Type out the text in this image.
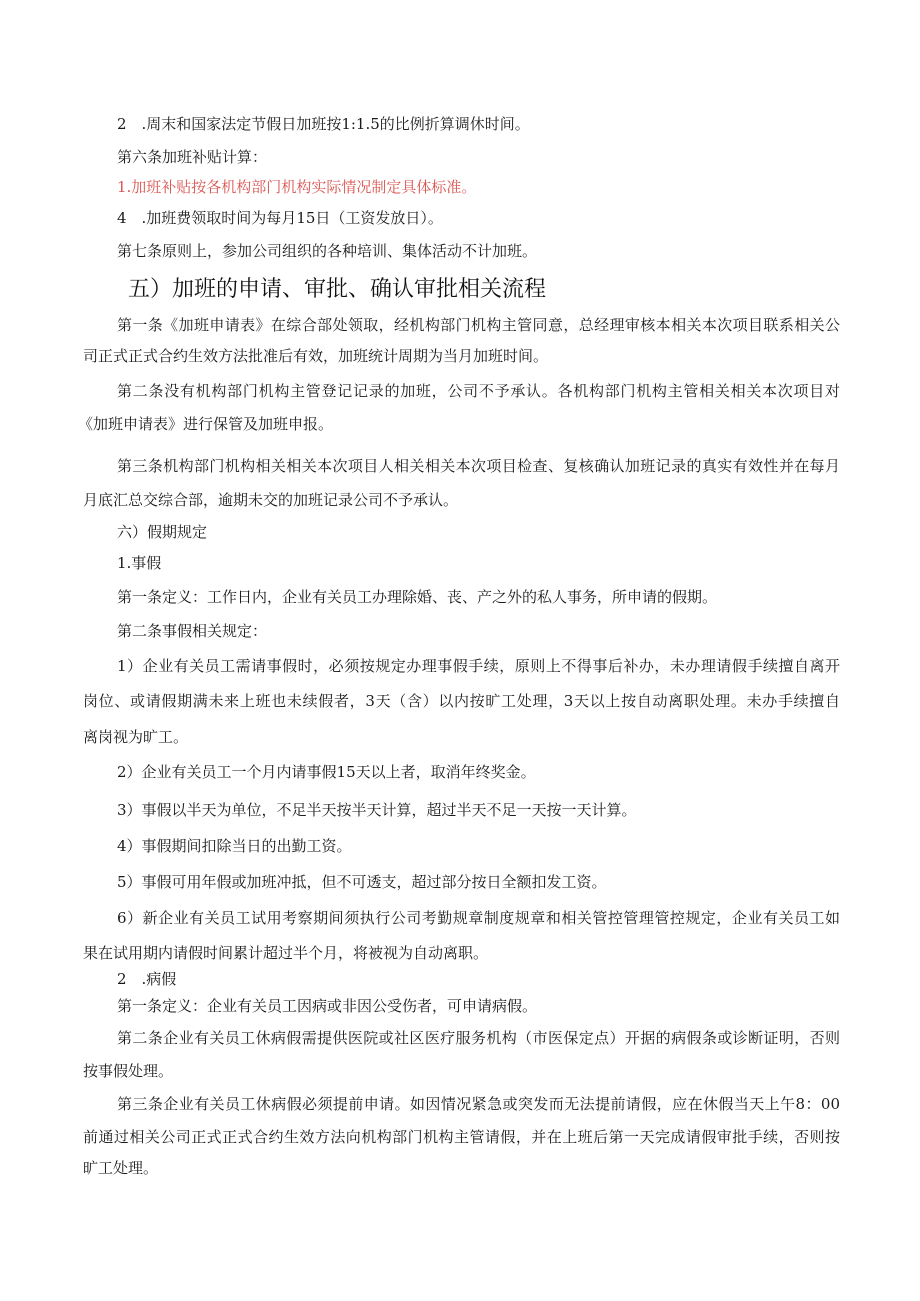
2　.周末和国家法定节假日加班按1:1.5的比例折算调休时间。
第六条加班补贴计算：
1.加班补贴按各机构部门机构实际情况制定具体标准。
4　.加班费领取时间为每月15日（工资发放日）。
第七条原则上，参加公司组织的各种培训、集体活动不计加班。
五）加班的申请、审批、确认审批相关流程
第一条《加班申请表》在综合部处领取，经机构部门机构主管同意，总经理审核本相关本次项目联系相关公
司正式正式合约生效方法批准后有效，加班统计周期为当月加班时间。
第二条没有机构部门机构主管登记记录的加班，公司不予承认。各机构部门机构主管相关相关本次项目对
《加班申请表》进行保管及加班申报。
第三条机构部门机构相关相关本次项目人相关相关本次项目检查、复核确认加班记录的真实有效性并在每月
月底汇总交综合部，逾期未交的加班记录公司不予承认。
六）假期规定
1.事假
第一条定义：工作日内，企业有关员工办理除婚、丧、产之外的私人事务，所申请的假期。
第二条事假相关规定：
1）企业有关员工需请事假时，必须按规定办理事假手续，原则上不得事后补办，未办理请假手续擅自离开
岗位、或请假期满未来上班也未续假者，3天（含）以内按旷工处理，3天以上按自动离职处理。未办手续擅自
离岗视为旷工。
2）企业有关员工一个月内请事假15天以上者，取消年终奖金。
3）事假以半天为单位，不足半天按半天计算，超过半天不足一天按一天计算。
4）事假期间扣除当日的出勤工资。
5）事假可用年假或加班冲抵，但不可透支，超过部分按日全额扣发工资。
6）新企业有关员工试用考察期间须执行公司考勤规章制度规章和相关管控管理管控规定，企业有关员工如
果在试用期内请假时间累计超过半个月，将被视为自动离职。
2　.病假
第一条定义：企业有关员工因病或非因公受伤者，可申请病假。
第二条企业有关员工休病假需提供医院或社区医疗服务机构（市医保定点）开据的病假条或诊断证明，否则
按事假处理。
第三条企业有关员工休病假必须提前申请。如因情况紧急或突发而无法提前请假，应在休假当天上午8：00
前通过相关公司正式正式合约生效方法向机构部门机构主管请假，并在上班后第一天完成请假审批手续，否则按
旷工处理。
